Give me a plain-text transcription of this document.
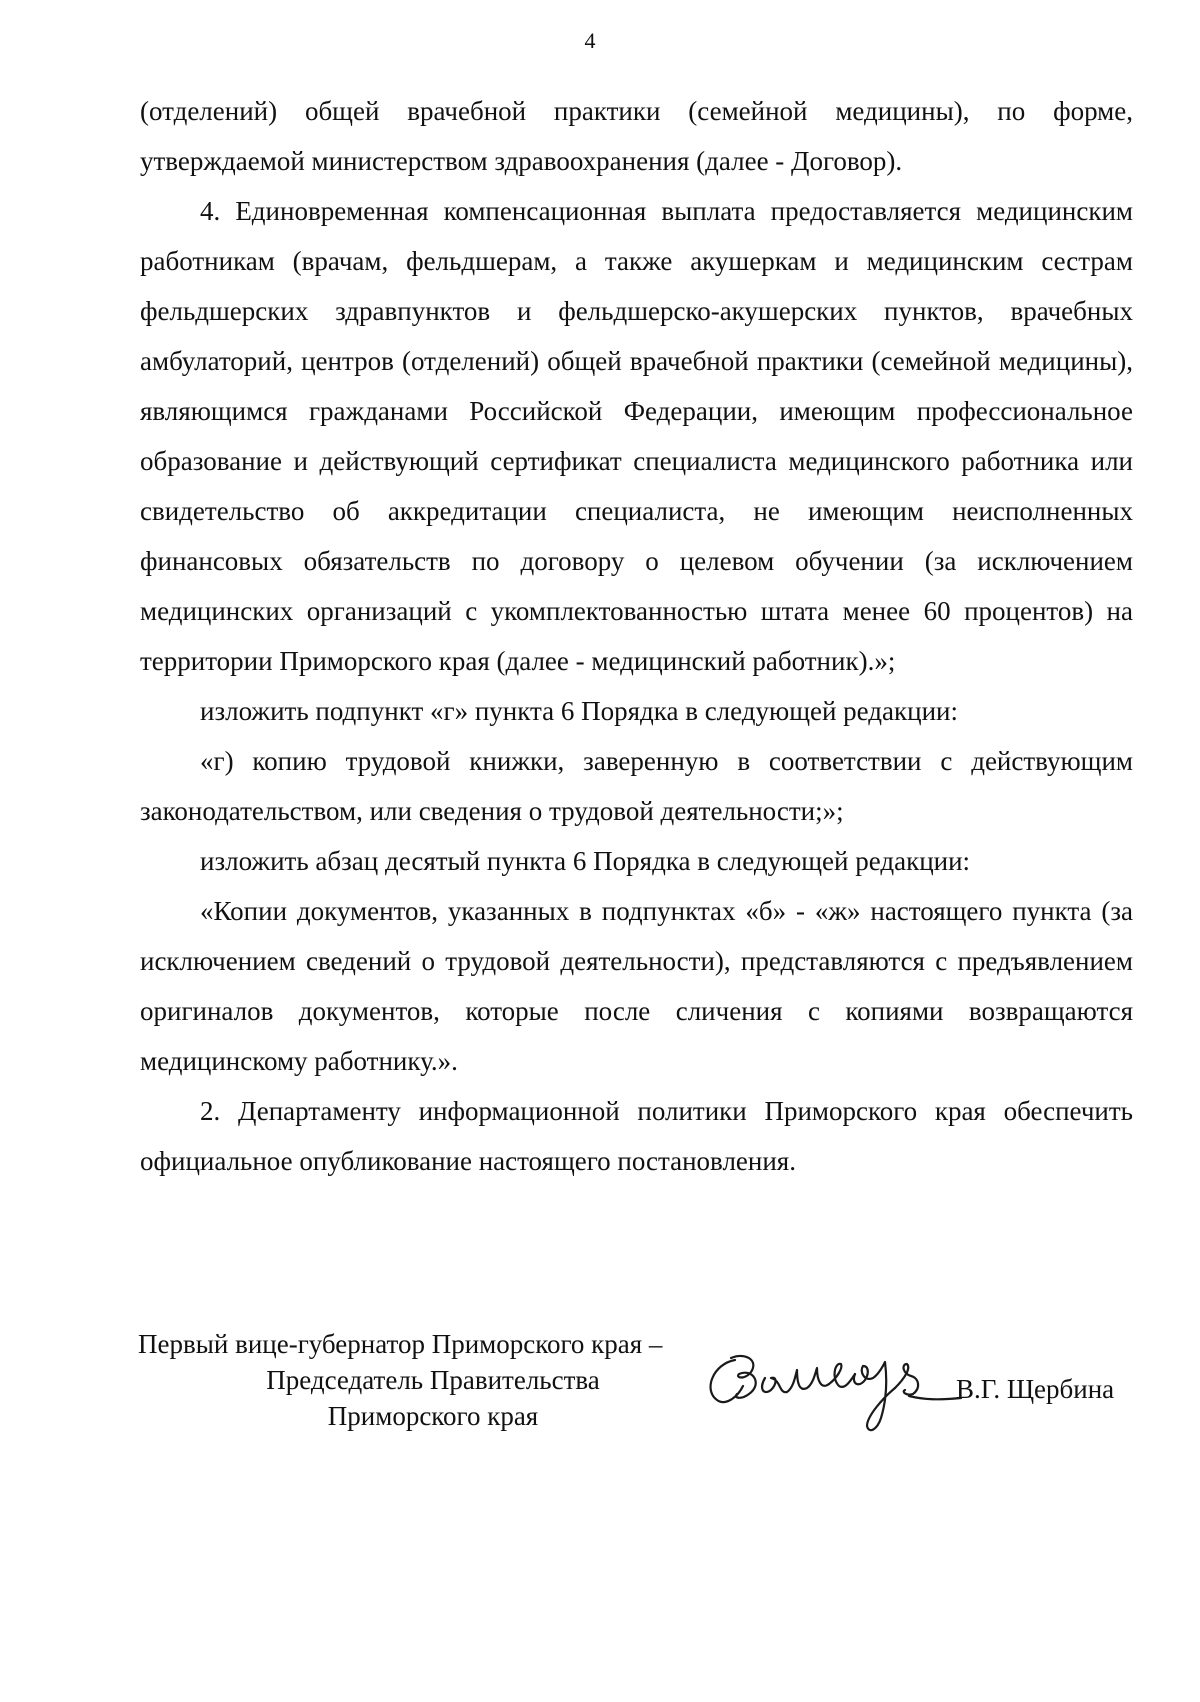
4

(отделений) общей врачебной практики (семейной медицины), по форме, утверждаемой министерством здравоохранения (далее - Договор).

4. Единовременная компенсационная выплата предоставляется медицинским работникам (врачам, фельдшерам, а также акушеркам и медицинским сестрам фельдшерских здравпунктов и фельдшерско-акушерских пунктов, врачебных амбулаторий, центров (отделений) общей врачебной практики (семейной медицины), являющимся гражданами Российской Федерации, имеющим профессиональное образование и действующий сертификат специалиста медицинского работника или свидетельство об аккредитации специалиста, не имеющим неисполненных финансовых обязательств по договору о целевом обучении (за исключением медицинских организаций с укомплектованностью штата менее 60 процентов) на территории Приморского края (далее - медицинский работник).»;

изложить подпункт «г» пункта 6 Порядка в следующей редакции:

«г) копию трудовой книжки, заверенную в соответствии с действующим законодательством, или сведения о трудовой деятельности;»;

изложить абзац десятый пункта 6 Порядка в следующей редакции:

«Копии документов, указанных в подпунктах «б» - «ж» настоящего пункта (за исключением сведений о трудовой деятельности), представляются с предъявлением оригиналов документов, которые после сличения с копиями возвращаются медицинскому работнику.».

2. Департаменту информационной политики Приморского края обеспечить официальное опубликование настоящего постановления.

Первый вице-губернатор Приморского края –
Председатель Правительства
Приморского края
В.Г. Щербина
